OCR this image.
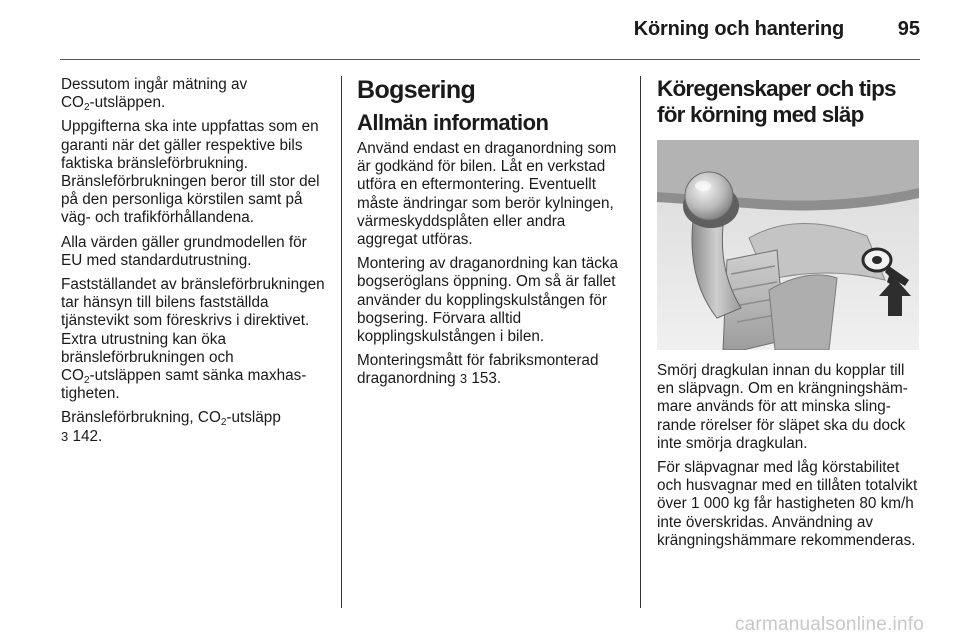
Körning och hantering	95

Dessutom ingår mätning av
$CO_2$-utsläppen.

Uppgifterna ska inte uppfattas som en garanti när det gäller respektive bils faktiska bränsleförbrukning. Bränsleförbrukningen beror till stor del på den personliga körstilen samt på väg- och trafikförhållandena.

Alla värden gäller grundmodellen för EU med standardutrustning.

Fastställandet av bränsleförbrukningen tar hänsyn till bilens fastställda tjänstevikt som föreskrivs i direktivet. Extra utrustning kan öka bränsleförbrukningen och
$CO_2$-utsläppen samt sänka maxhastigheten.

Bränsleförbrukning, $CO_2$-utsläpp
3 142.

Bogsering
Allmän information

Använd endast en draganordning som är godkänd för bilen. Låt en verkstad utföra en eftermontering. Eventuellt måste ändringar som berör kylningen, värmeskyddsplåten eller andra aggregat utföras.

Montering av draganordning kan täcka bogseröglans öppning. Om så är fallet använder du kopplingskulstången för bogsering. Förvara alltid kopplingskulstången i bilen.

Monteringsmått för fabriksmonterad draganordning 3 153.

Köregenskaper och tips för körning med släp

Smörj dragkulan innan du kopplar till en släpvagn. Om en krängningshämmare används för att minska slingrande rörelser för släpet ska du dock inte smörja dragkulan.

För släpvagnar med låg körstabilitet och husvagnar med en tillåten totalvikt över 1 000 kg får hastigheten 80 km/h inte överskridas. Användning av krängningshämmare rekommenderas.

carmanualsonline.info
